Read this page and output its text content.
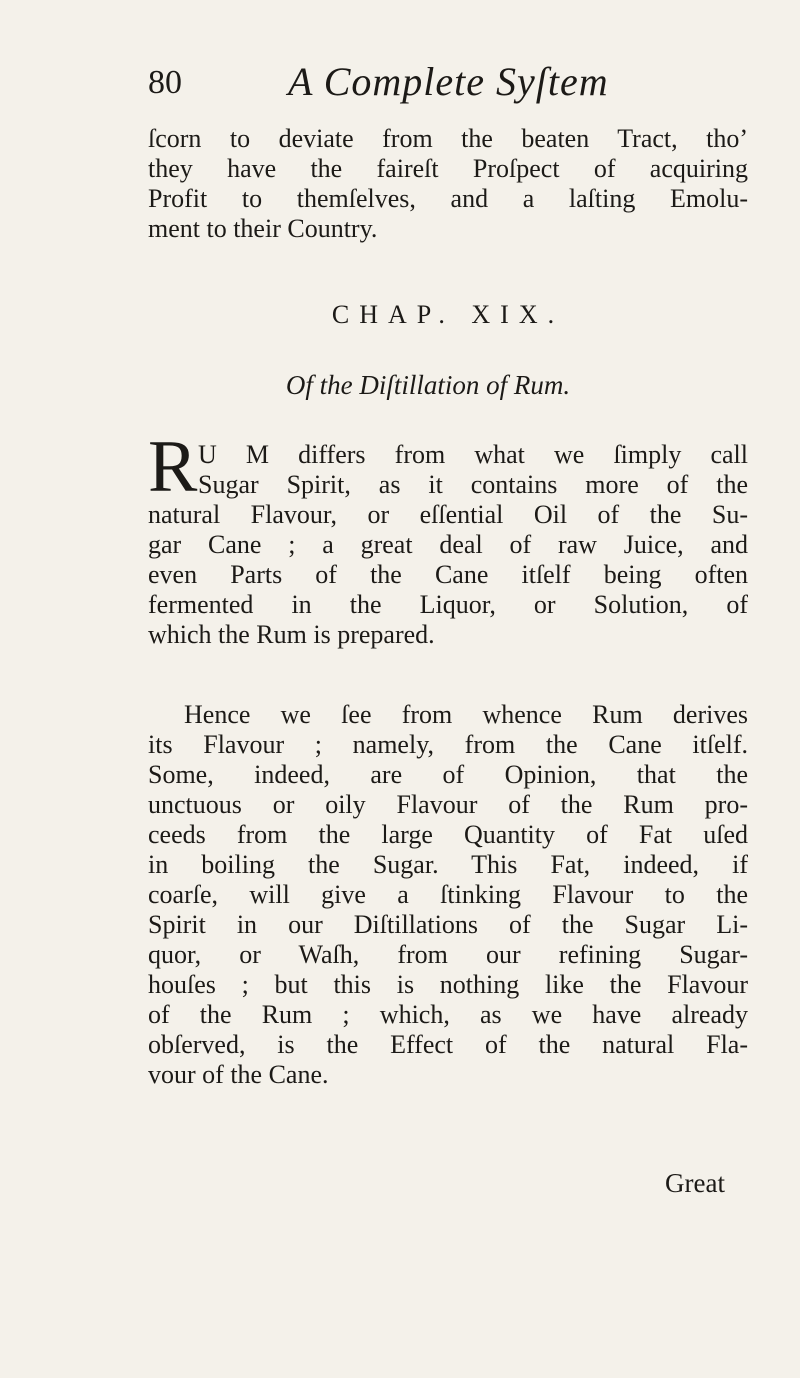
80	A Complete Syſtem
ſcorn to deviate from the beaten Tract, tho’
they have the faireſt Proſpect of acquiring
Profit to themſelves, and a laſting Emolu-
ment to their Country.
CHAP. XIX.
Of the Diſtillation of Rum.
R U M differs from what we ſimply call
Sugar Spirit, as it contains more of the
natural Flavour, or eſſential Oil of the Su-
gar Cane ; a great deal of raw Juice, and
even Parts of the Cane itſelf being often
fermented in the Liquor, or Solution, of
which the Rum is prepared.
Hence we ſee from whence Rum derives
its Flavour ; namely, from the Cane itſelf.
Some, indeed, are of Opinion, that the
unctuous or oily Flavour of the Rum pro-
ceeds from the large Quantity of Fat uſed
in boiling the Sugar. This Fat, indeed, if
coarſe, will give a ſtinking Flavour to the
Spirit in our Diſtillations of the Sugar Li-
quor, or Waſh, from our refining Sugar-
houſes ; but this is nothing like the Flavour
of the Rum ; which, as we have already
obſerved, is the Effect of the natural Fla-
vour of the Cane.
Great
